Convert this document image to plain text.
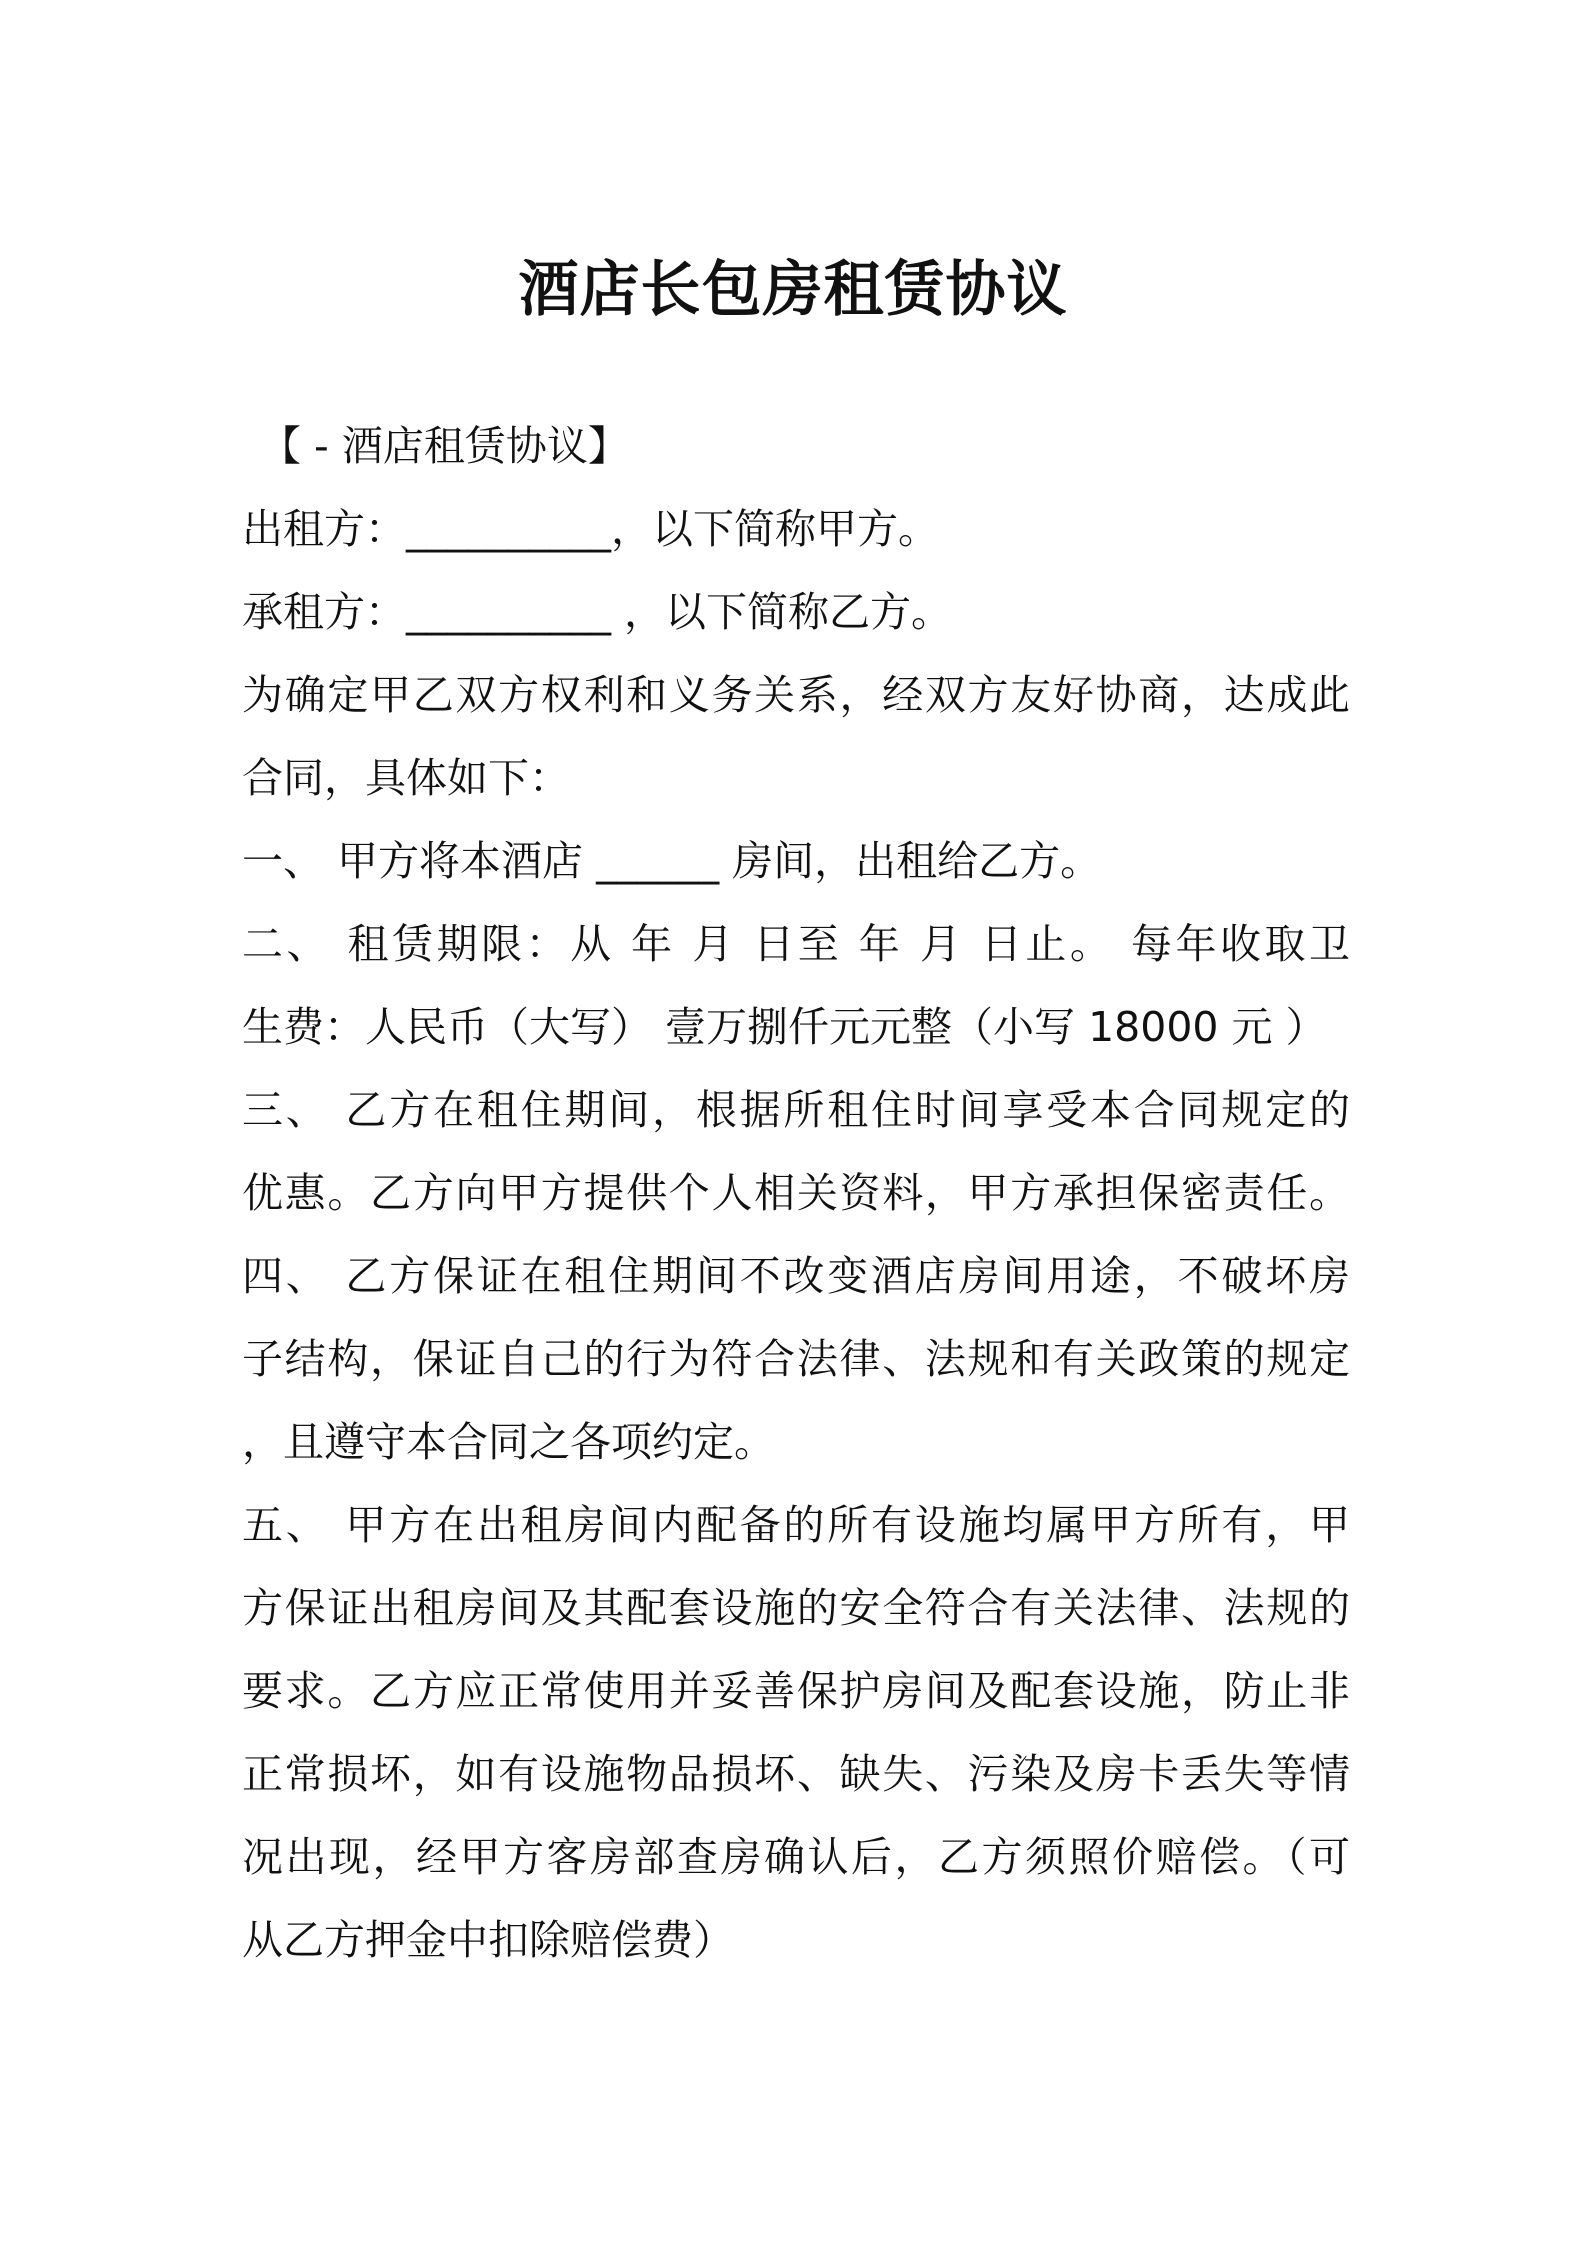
酒店长包房租赁协议
【 - 酒店租赁协议】
出租方：__________，以下简称甲方。
承租方：__________ ，以下简称乙方。
为确定甲乙双方权利和义务关系，经双方友好协商，达成此
合同，具体如下：
一、 甲方将本酒店 ______ 房间，出租给乙方。
二、 租赁期限：从 年 月 日至 年 月 日止。 每年收取卫
生费：人民币（大写） 壹万捌仟元元整（小写 18000 元 ）
三、 乙方在租住期间，根据所租住时间享受本合同规定的
优惠。乙方向甲方提供个人相关资料，甲方承担保密责任。
四、 乙方保证在租住期间不改变酒店房间用途，不破坏房
子结构，保证自己的行为符合法律、法规和有关政策的规定
，且遵守本合同之各项约定。
五、 甲方在出租房间内配备的所有设施均属甲方所有，甲
方保证出租房间及其配套设施的安全符合有关法律、法规的
要求。乙方应正常使用并妥善保护房间及配套设施，防止非
正常损坏，如有设施物品损坏、缺失、污染及房卡丢失等情
况出现，经甲方客房部查房确认后，乙方须照价赔偿。（可
从乙方押金中扣除赔偿费）
